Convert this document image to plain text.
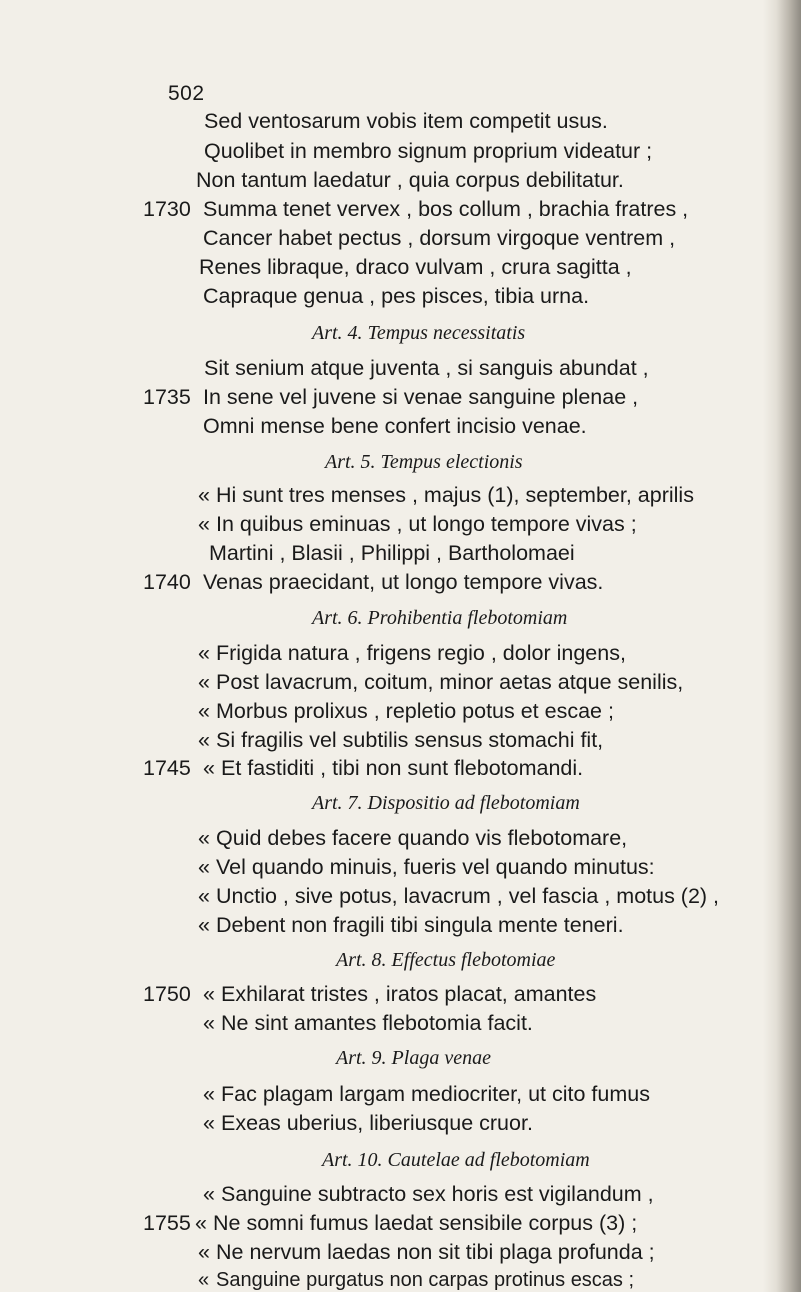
502
Sed ventosarum vobis item competit usus.
Quolibet in membro signum proprium videatur ;
Non tantum laedatur , quia corpus debilitatur.
1730 Summa tenet vervex , bos collum , brachia fratres ,
Cancer habet pectus , dorsum virgoque ventrem ,
Renes libraque, draco vulvam , crura sagitta ,
Capraque genua , pes pisces, tibia urna.
Art. 4. Tempus necessitatis
Sit senium atque juventa , si sanguis abundat ,
1735 In sene vel juvene si venae sanguine plenae ,
Omni mense bene confert incisio venae.
Art. 5. Tempus electionis
« Hi sunt tres menses , majus (1), september, aprilis
« In quibus eminuas , ut longo tempore vivas ;
Martini , Blasii , Philippi , Bartholomaei
1740 Venas praecidant, ut longo tempore vivas.
Art. 6. Prohibentia flebotomiam
« Frigida natura , frigens regio , dolor ingens,
« Post lavacrum, coitum, minor aetas atque senilis,
« Morbus prolixus , repletio potus et escae ;
« Si fragilis vel subtilis sensus stomachi fit,
1745 « Et fastiditi , tibi non sunt flebotomandi.
Art. 7. Dispositio ad flebotomiam
« Quid debes facere quando vis flebotomare,
« Vel quando minuis, fueris vel quando minutus:
« Unctio , sive potus, lavacrum , vel fascia , motus (2) ,
« Debent non fragili tibi singula mente teneri.
Art. 8. Effectus flebotomiae
1750 « Exhilarat tristes , iratos placat, amantes
« Ne sint amantes flebotomia facit.
Art. 9. Plaga venae
« Fac plagam largam mediocriter, ut cito fumus
« Exeas uberius, liberiusque cruor.
Art. 10. Cautelae ad flebotomiam
« Sanguine subtracto sex horis est vigilandum ,
1755 « Ne somni fumus laedat sensibile corpus (3) ;
« Ne nervum laedas non sit tibi plaga profunda ;
« Sanguine purgatus non carpas protinus escas ;
